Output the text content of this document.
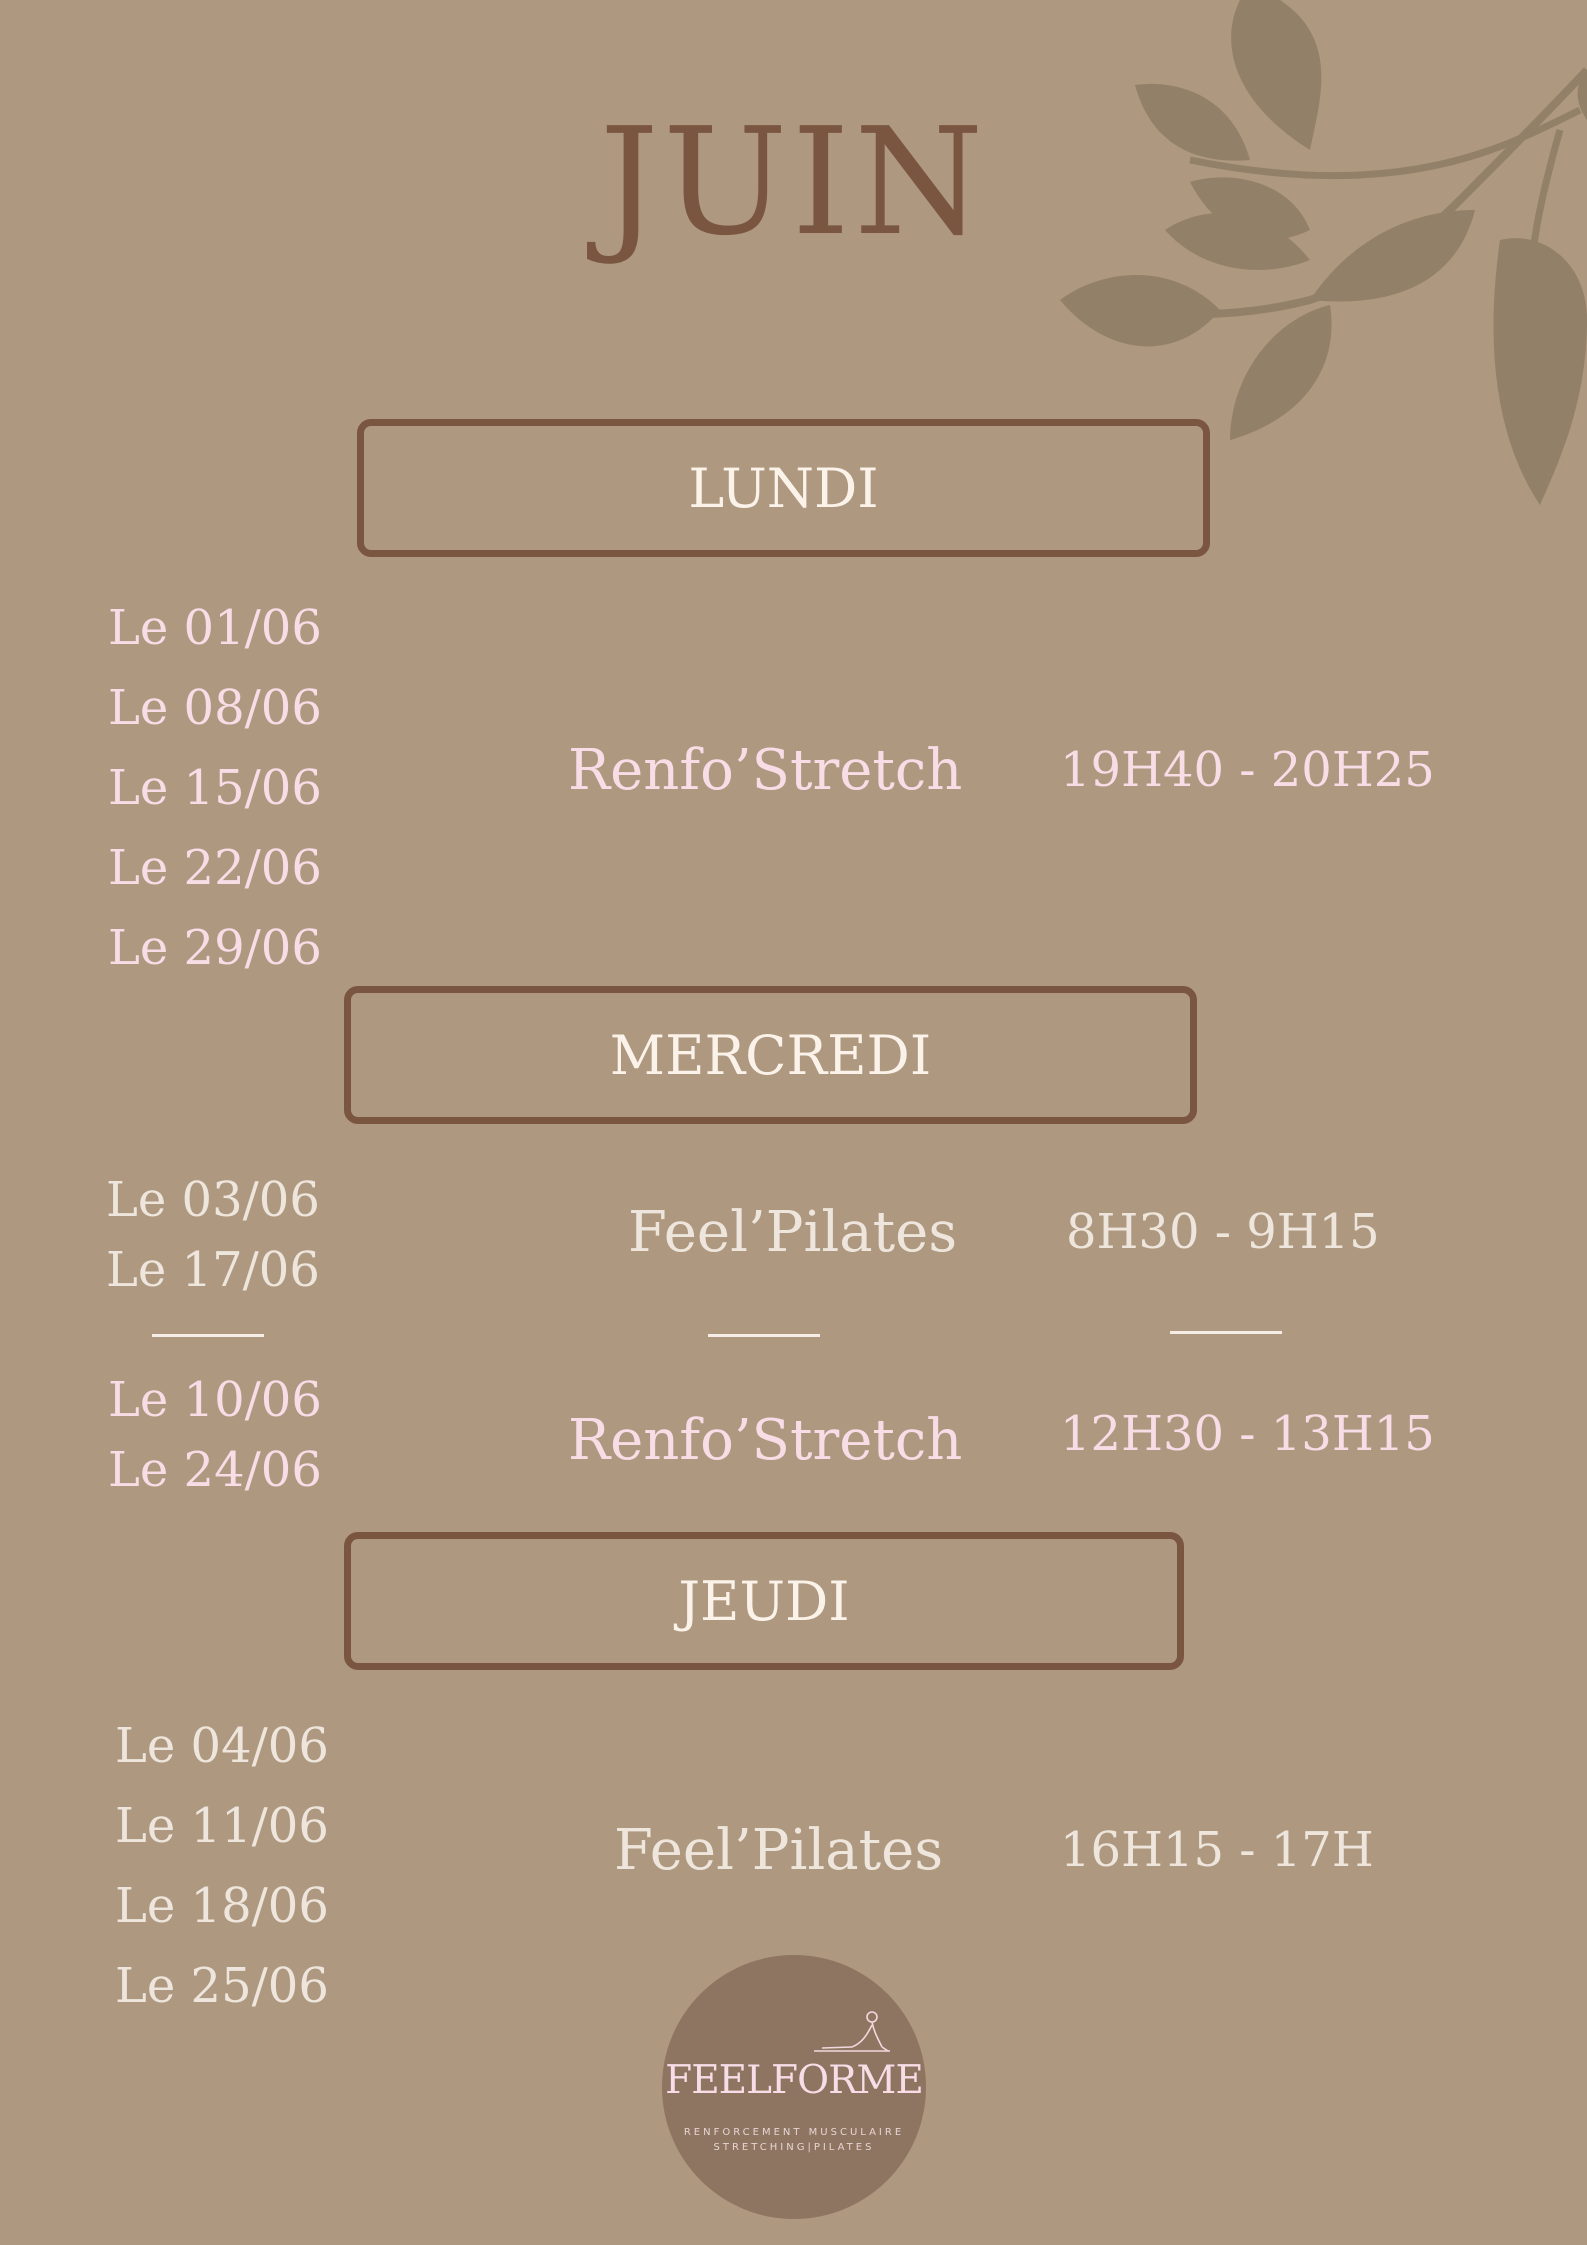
JUIN
LUNDI
Le 01/06
Le 08/06
Le 15/06
Le 22/06
Le 29/06
Renfo’Stretch 19H40 - 20H25
MERCREDI
Le 03/06
Le 17/06
Feel’Pilates 8H30 - 9H15
Le 10/06
Le 24/06	Renfo’Stretch 12H30 - 13H15
JEUDI
Le 04/06
Le 11/06
Le 18/06
Le 25/06
Feel’Pilates 16H15 - 17H
FEELFORME
RENFORCEMENT MUSCULAIRE
STRETCHING|PILATES
